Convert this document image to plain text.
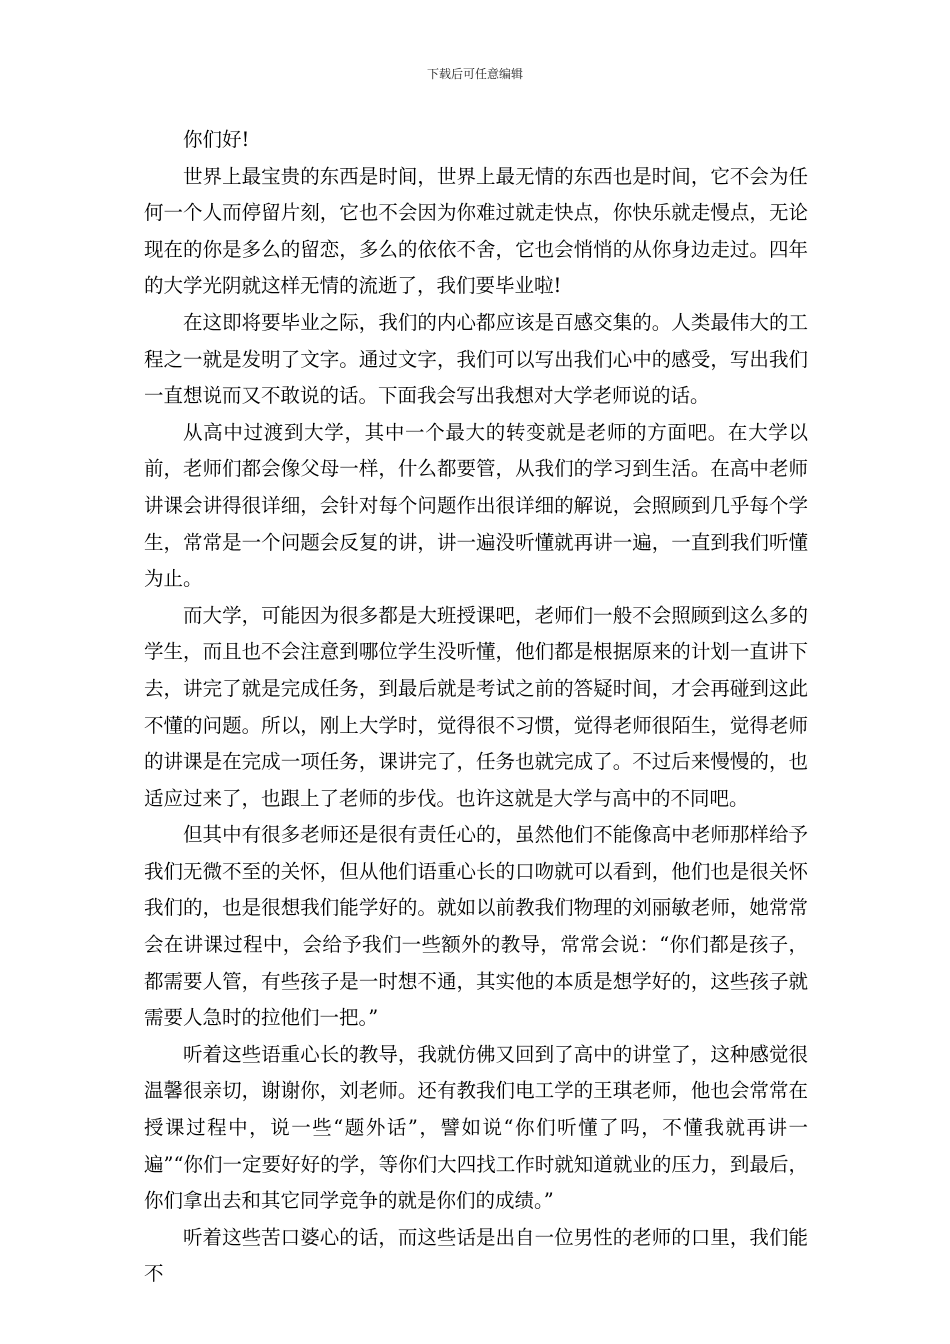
下载后可任意编辑

你们好!

世界上最宝贵的东西是时间，世界上最无情的东西也是时间，它不会为任何一个人而停留片刻，它也不会因为你难过就走快点，你快乐就走慢点，无论现在的你是多么的留恋，多么的依依不舍，它也会悄悄的从你身边走过。四年的大学光阴就这样无情的流逝了，我们要毕业啦!

在这即将要毕业之际，我们的内心都应该是百感交集的。人类最伟大的工程之一就是发明了文字。通过文字，我们可以写出我们心中的感受，写出我们一直想说而又不敢说的话。下面我会写出我想对大学老师说的话。

从高中过渡到大学，其中一个最大的转变就是老师的方面吧。在大学以前，老师们都会像父母一样，什么都要管，从我们的学习到生活。在高中老师讲课会讲得很详细，会针对每个问题作出很详细的解说，会照顾到几乎每个学生，常常是一个问题会反复的讲，讲一遍没听懂就再讲一遍，一直到我们听懂为止。

而大学，可能因为很多都是大班授课吧，老师们一般不会照顾到这么多的学生，而且也不会注意到哪位学生没听懂，他们都是根据原来的计划一直讲下去，讲完了就是完成任务，到最后就是考试之前的答疑时间，才会再碰到这此不懂的问题。所以，刚上大学时，觉得很不习惯，觉得老师很陌生，觉得老师的讲课是在完成一项任务，课讲完了，任务也就完成了。不过后来慢慢的，也适应过来了，也跟上了老师的步伐。也许这就是大学与高中的不同吧。

但其中有很多老师还是很有责任心的，虽然他们不能像高中老师那样给予我们无微不至的关怀，但从他们语重心长的口吻就可以看到，他们也是很关怀我们的，也是很想我们能学好的。就如以前教我们物理的刘丽敏老师，她常常会在讲课过程中，会给予我们一些额外的教导，常常会说：“你们都是孩子，都需要人管，有些孩子是一时想不通，其实他的本质是想学好的，这些孩子就需要人急时的拉他们一把。”

听着这些语重心长的教导，我就仿佛又回到了高中的讲堂了，这种感觉很温馨很亲切，谢谢你，刘老师。还有教我们电工学的王琪老师，他也会常常在授课过程中，说一些“题外话”，譬如说“你们听懂了吗，不懂我就再讲一遍”“你们一定要好好的学，等你们大四找工作时就知道就业的压力，到最后，你们拿出去和其它同学竞争的就是你们的成绩。”

听着这些苦口婆心的话，而这些话是出自一位男性的老师的口里，我们能不
